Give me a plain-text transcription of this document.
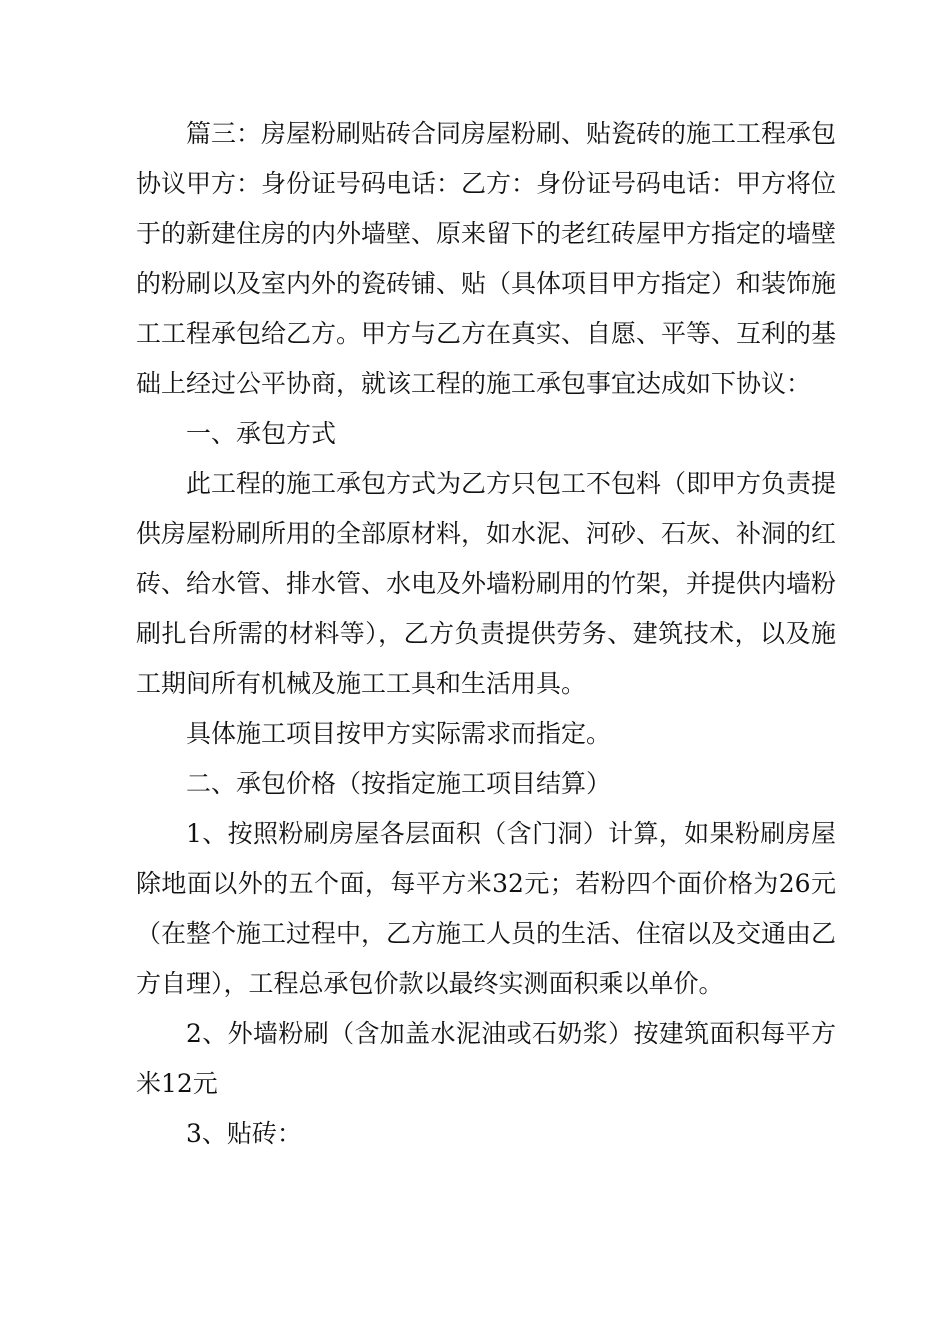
篇三：房屋粉刷贴砖合同房屋粉刷、贴瓷砖的施工工程承包协议甲方：身份证号码电话：乙方：身份证号码电话：甲方将位于的新建住房的内外墙壁、原来留下的老红砖屋甲方指定的墙壁的粉刷以及室内外的瓷砖铺、贴（具体项目甲方指定）和装饰施工工程承包给乙方。甲方与乙方在真实、自愿、平等、互利的基础上经过公平协商，就该工程的施工承包事宜达成如下协议：

一、承包方式

此工程的施工承包方式为乙方只包工不包料（即甲方负责提供房屋粉刷所用的全部原材料，如水泥、河砂、石灰、补洞的红砖、给水管、排水管、水电及外墙粉刷用的竹架，并提供内墙粉刷扎台所需的材料等），乙方负责提供劳务、建筑技术，以及施工期间所有机械及施工工具和生活用具。

具体施工项目按甲方实际需求而指定。

二、承包价格（按指定施工项目结算）

1、按照粉刷房屋各层面积（含门洞）计算，如果粉刷房屋除地面以外的五个面，每平方米32元；若粉四个面价格为26元（在整个施工过程中，乙方施工人员的生活、住宿以及交通由乙方自理），工程总承包价款以最终实测面积乘以单价。

2、外墙粉刷（含加盖水泥油或石奶浆）按建筑面积每平方米12元

3、贴砖：
